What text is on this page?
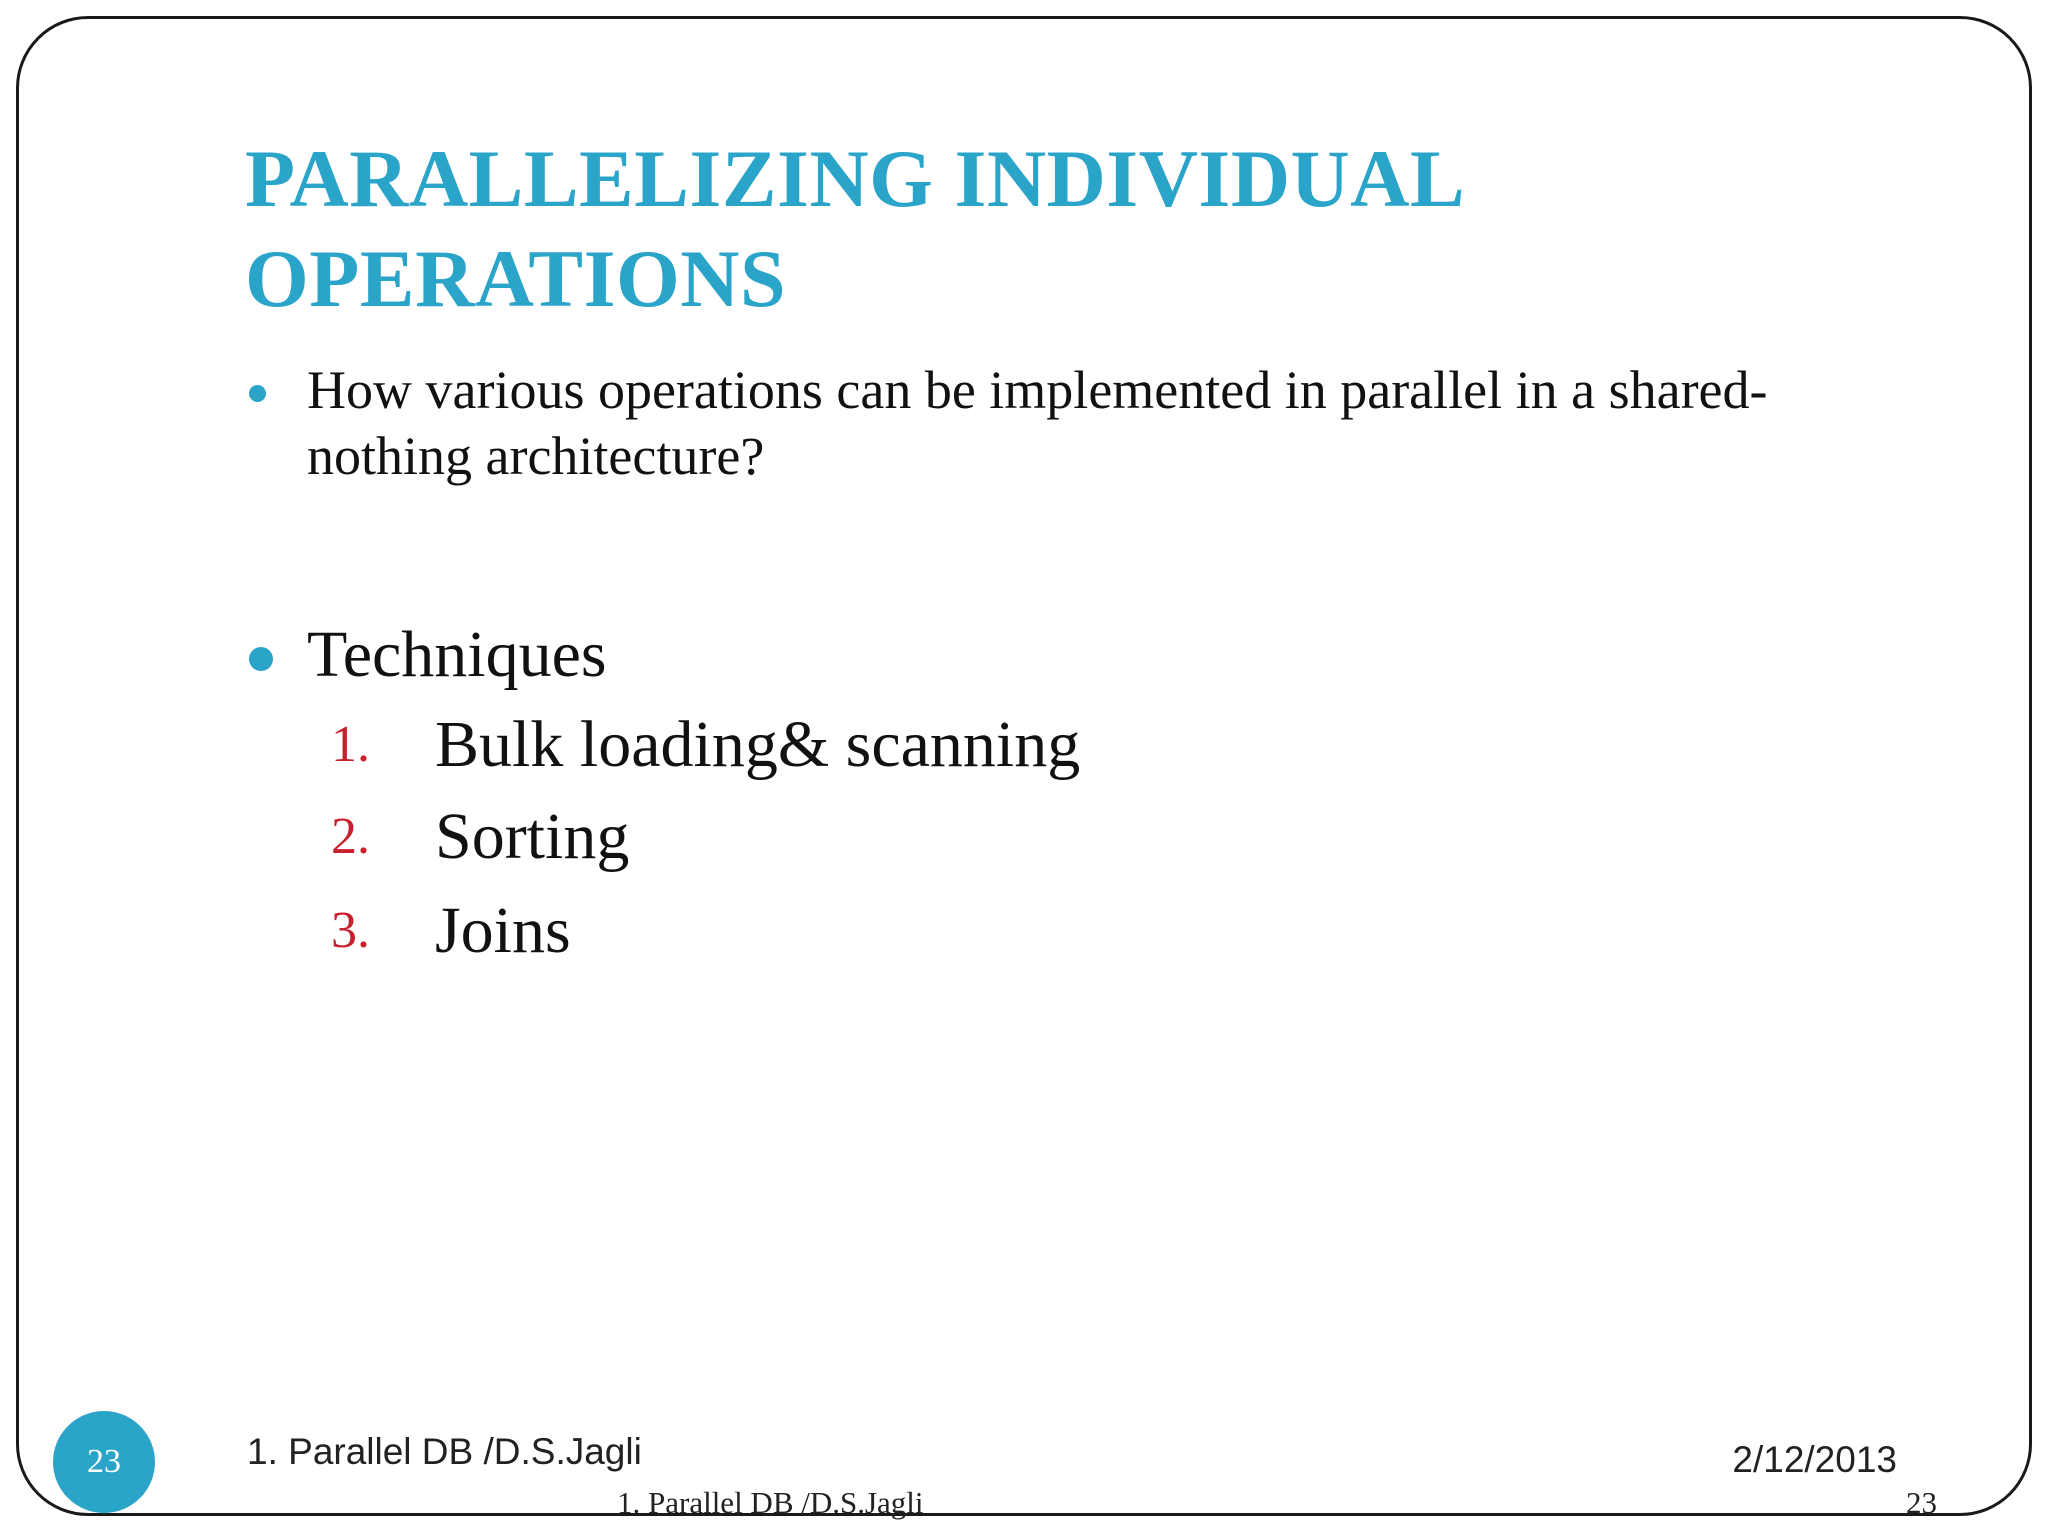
PARALLELIZING INDIVIDUAL OPERATIONS
How various operations can be implemented in parallel in a shared-nothing architecture?
Techniques
1. Bulk loading& scanning
2. Sorting
3. Joins
23	1. Parallel DB /D.S.Jagli	2/12/2013
1. Parallel DB /D.S.Jagli	23
